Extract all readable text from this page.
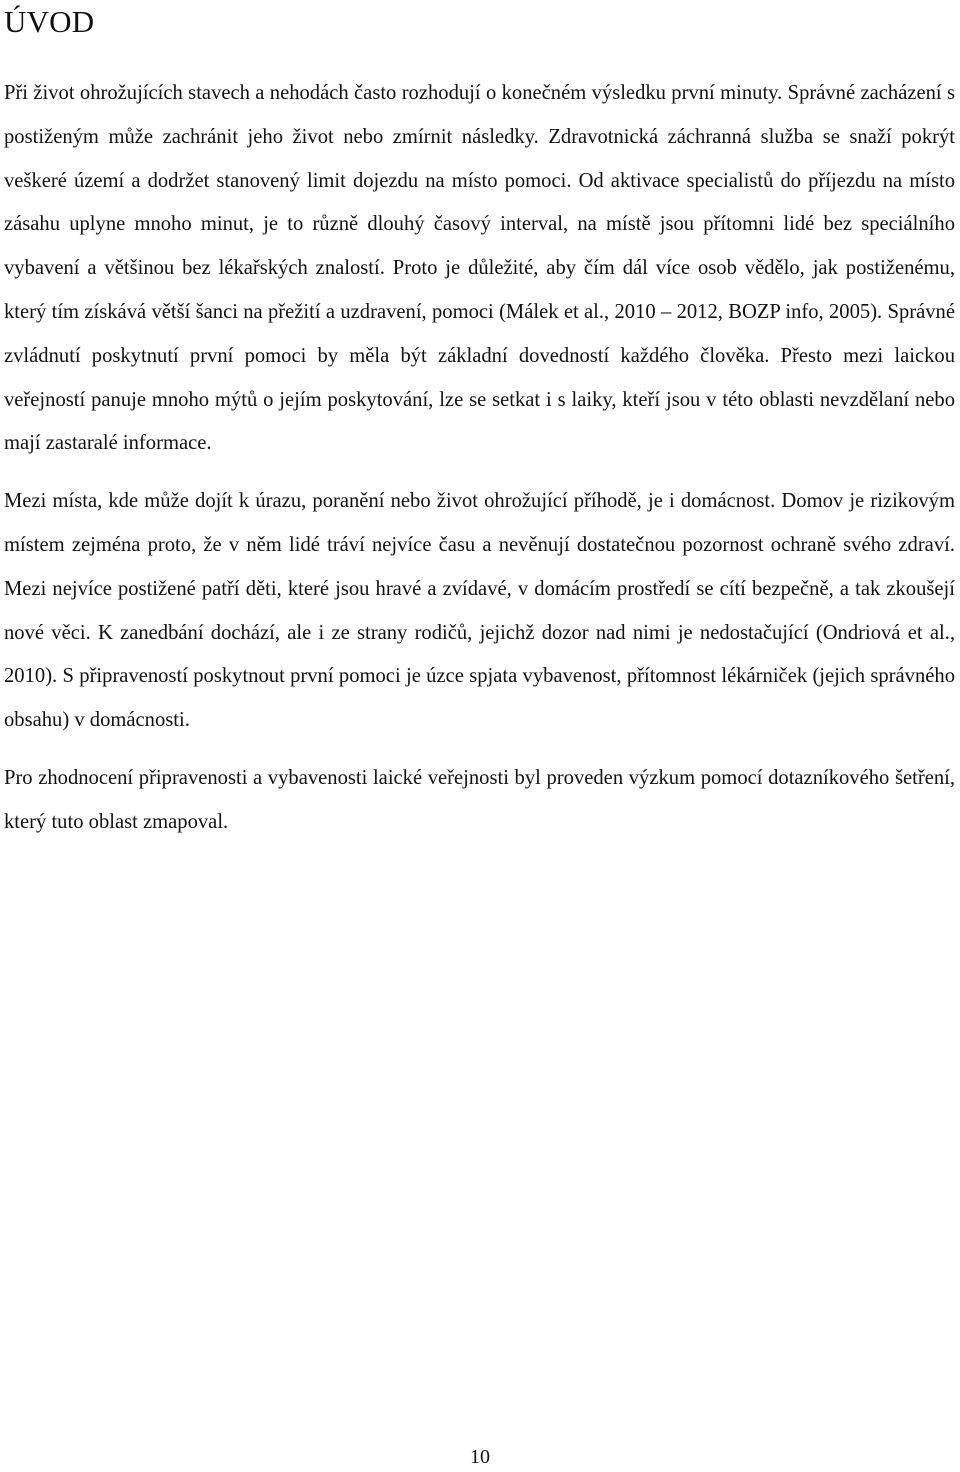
ÚVOD

Při život ohrožujících stavech a nehodách často rozhodují o konečném výsledku první minuty. Správné zacházení s postiženým může zachránit jeho život nebo zmírnit následky. Zdravotnická záchranná služba se snaží pokrýt veškeré území a dodržet stanovený limit dojezdu na místo pomoci. Od aktivace specialistů do příjezdu na místo zásahu uplyne mnoho minut, je to různě dlouhý časový interval, na místě jsou přítomni lidé bez speciálního vybavení a většinou bez lékařských znalostí. Proto je důležité, aby čím dál více osob vědělo, jak postiženému, který tím získává větší šanci na přežití a uzdravení, pomoci (Málek et al., 2010 – 2012, BOZP info, 2005). Správné zvládnutí poskytnutí první pomoci by měla být základní dovedností každého člověka. Přesto mezi laickou veřejností panuje mnoho mýtů o jejím poskytování, lze se setkat i s laiky, kteří jsou v této oblasti nevzdělaní nebo mají zastaralé informace.

Mezi místa, kde může dojít k úrazu, poranění nebo život ohrožující příhodě, je i domácnost. Domov je rizikovým místem zejména proto, že v něm lidé tráví nejvíce času a nevěnují dostatečnou pozornost ochraně svého zdraví. Mezi nejvíce postižené patří děti, které jsou hravé a zvídavé, v domácím prostředí se cítí bezpečně, a tak zkoušejí nové věci. K zanedbání dochází, ale i ze strany rodičů, jejichž dozor nad nimi je nedostačující (Ondriová et al., 2010). S připraveností poskytnout první pomoci je úzce spjata vybavenost, přítomnost lékárniček (jejich správného obsahu) v domácnosti.

Pro zhodnocení připravenosti a vybavenosti laické veřejnosti byl proveden výzkum pomocí dotazníkového šetření, který tuto oblast zmapoval.

10
